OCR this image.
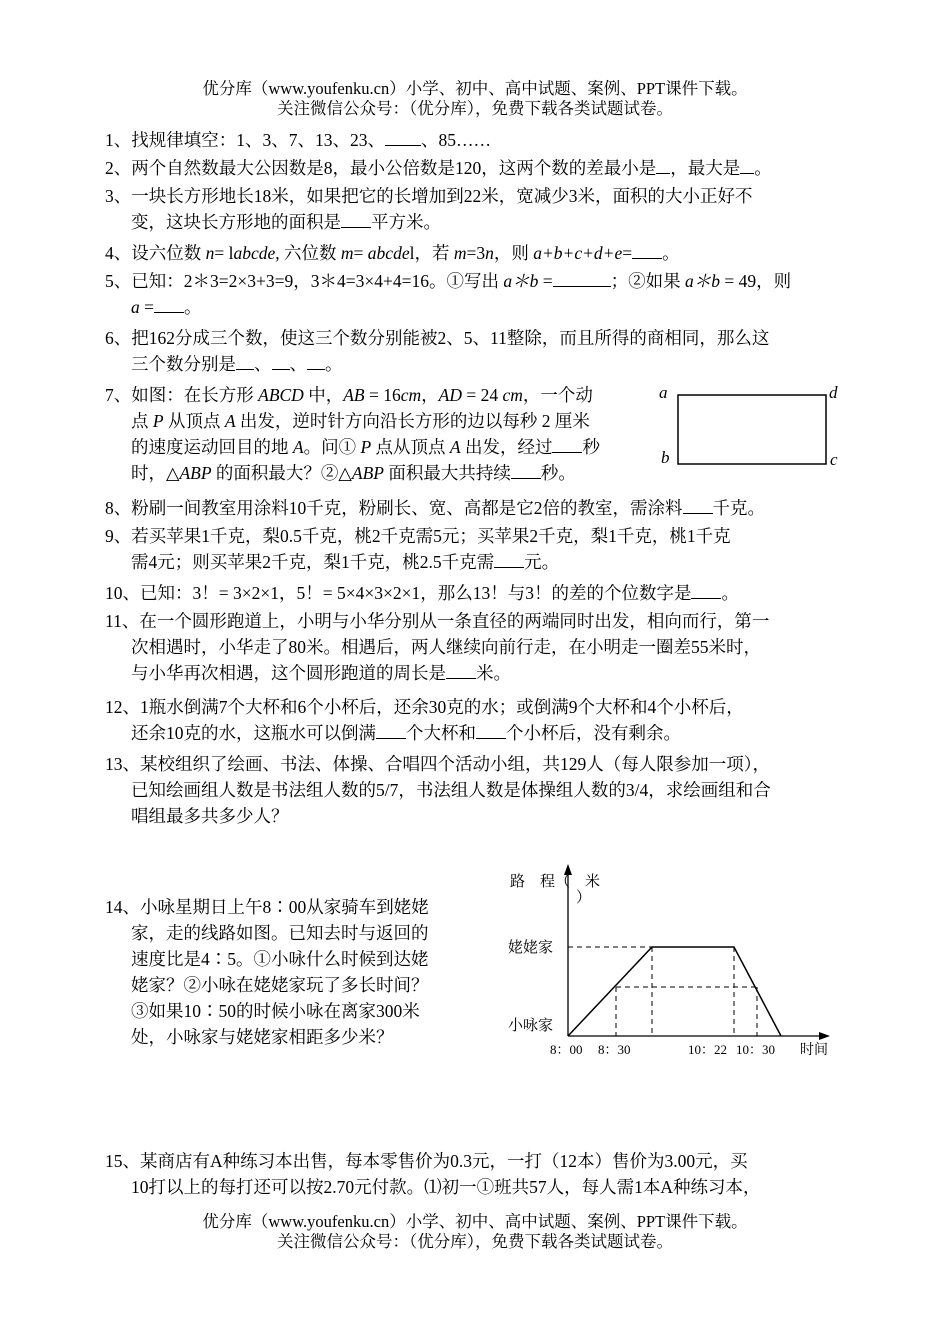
优分库（www.youfenku.cn）小学、初中、高中试题、案例、PPT课件下载。
关注微信公众号：（优分库），免费下载各类试题试卷。
1、找规律填空：1、3、7、13、23、 、85……
2、两个自然数最大公因数是8，最小公倍数是120，这两个数的差最小是 ，最大是 。
3、一块长方形地长18米，如果把它的长增加到22米，宽减少3米，面积的大小正好不
变，这块长方形地的面积是 平方米。
4、设六位数 n= labcde, 六位数 m= abcdel，若 m=3n，则 a+b+c+d+e= 。
5、已知：2＊3=2×3+3=9，3＊4=3×4+4=16。①写出 a＊b =	；②如果 a＊b = 49，则
a = 。
6、把162分成三个数，使这三个数分别能被2、5、11整除，而且所得的商相同，那么这
三个数分别是 、 、 。
7、如图：在长方形 ABCD 中，AB = 16cm，AD = 24 cm，一个动
点 P 从顶点 A 出发，逆时针方向沿长方形的边以每秒 2 厘米
的速度运动回目的地 A。问① P 点从顶点 A 出发，经过 秒
时，△ABP 的面积最大？②△ABP 面积最大共持续 秒。
a	d
b	c
8、粉刷一间教室用涂料10千克，粉刷长、宽、高都是它2倍的教室，需涂料 千克。
9、若买苹果1千克，梨0.5千克，桃2千克需5元；买苹果2千克，梨1千克，桃1千克
需4元；则买苹果2千克，梨1千克，桃2.5千克需 元。
10、已知：3！= 3×2×1，5！= 5×4×3×2×1，那么13！与3！的差的个位数字是 。
11、在一个圆形跑道上，小明与小华分别从一条直径的两端同时出发，相向而行，第一
次相遇时，小华走了80米。相遇后，两人继续向前行走，在小明走一圈差55米时，
与小华再次相遇，这个圆形跑道的周长是 米。
12、1瓶水倒满7个大杯和6个小杯后，还余30克的水；或倒满9个大杯和4个小杯后，
还余10克的水，这瓶水可以倒满 个大杯和 个小杯后，没有剩余。
13、某校组织了绘画、书法、体操、合唱四个活动小组，共129人（每人限参加一项），
已知绘画组人数是书法组人数的5/7，书法组人数是体操组人数的3/4，求绘画组和合
唱组最多共多少人？
14、小咏星期日上午8∶00从家骑车到姥姥
家，走的线路如图。已知去时与返回的
速度比是4∶5。①小咏什么时候到达姥
姥家？②小咏在姥姥家玩了多长时间？
③如果10∶50的时候小咏在离家300米
处，小咏家与姥姥家相距多少米？
路　程（　米
）
姥姥家
小咏家
8：00 8：30	10：22 10：30 时间
15、某商店有A种练习本出售，每本零售价为0.3元，一打（12本）售价为3.00元，买
10打以上的每打还可以按2.70元付款。⑴初一①班共57人，每人需1本A种练习本，
优分库（www.youfenku.cn）小学、初中、高中试题、案例、PPT课件下载。
关注微信公众号：（优分库），免费下载各类试题试卷。
